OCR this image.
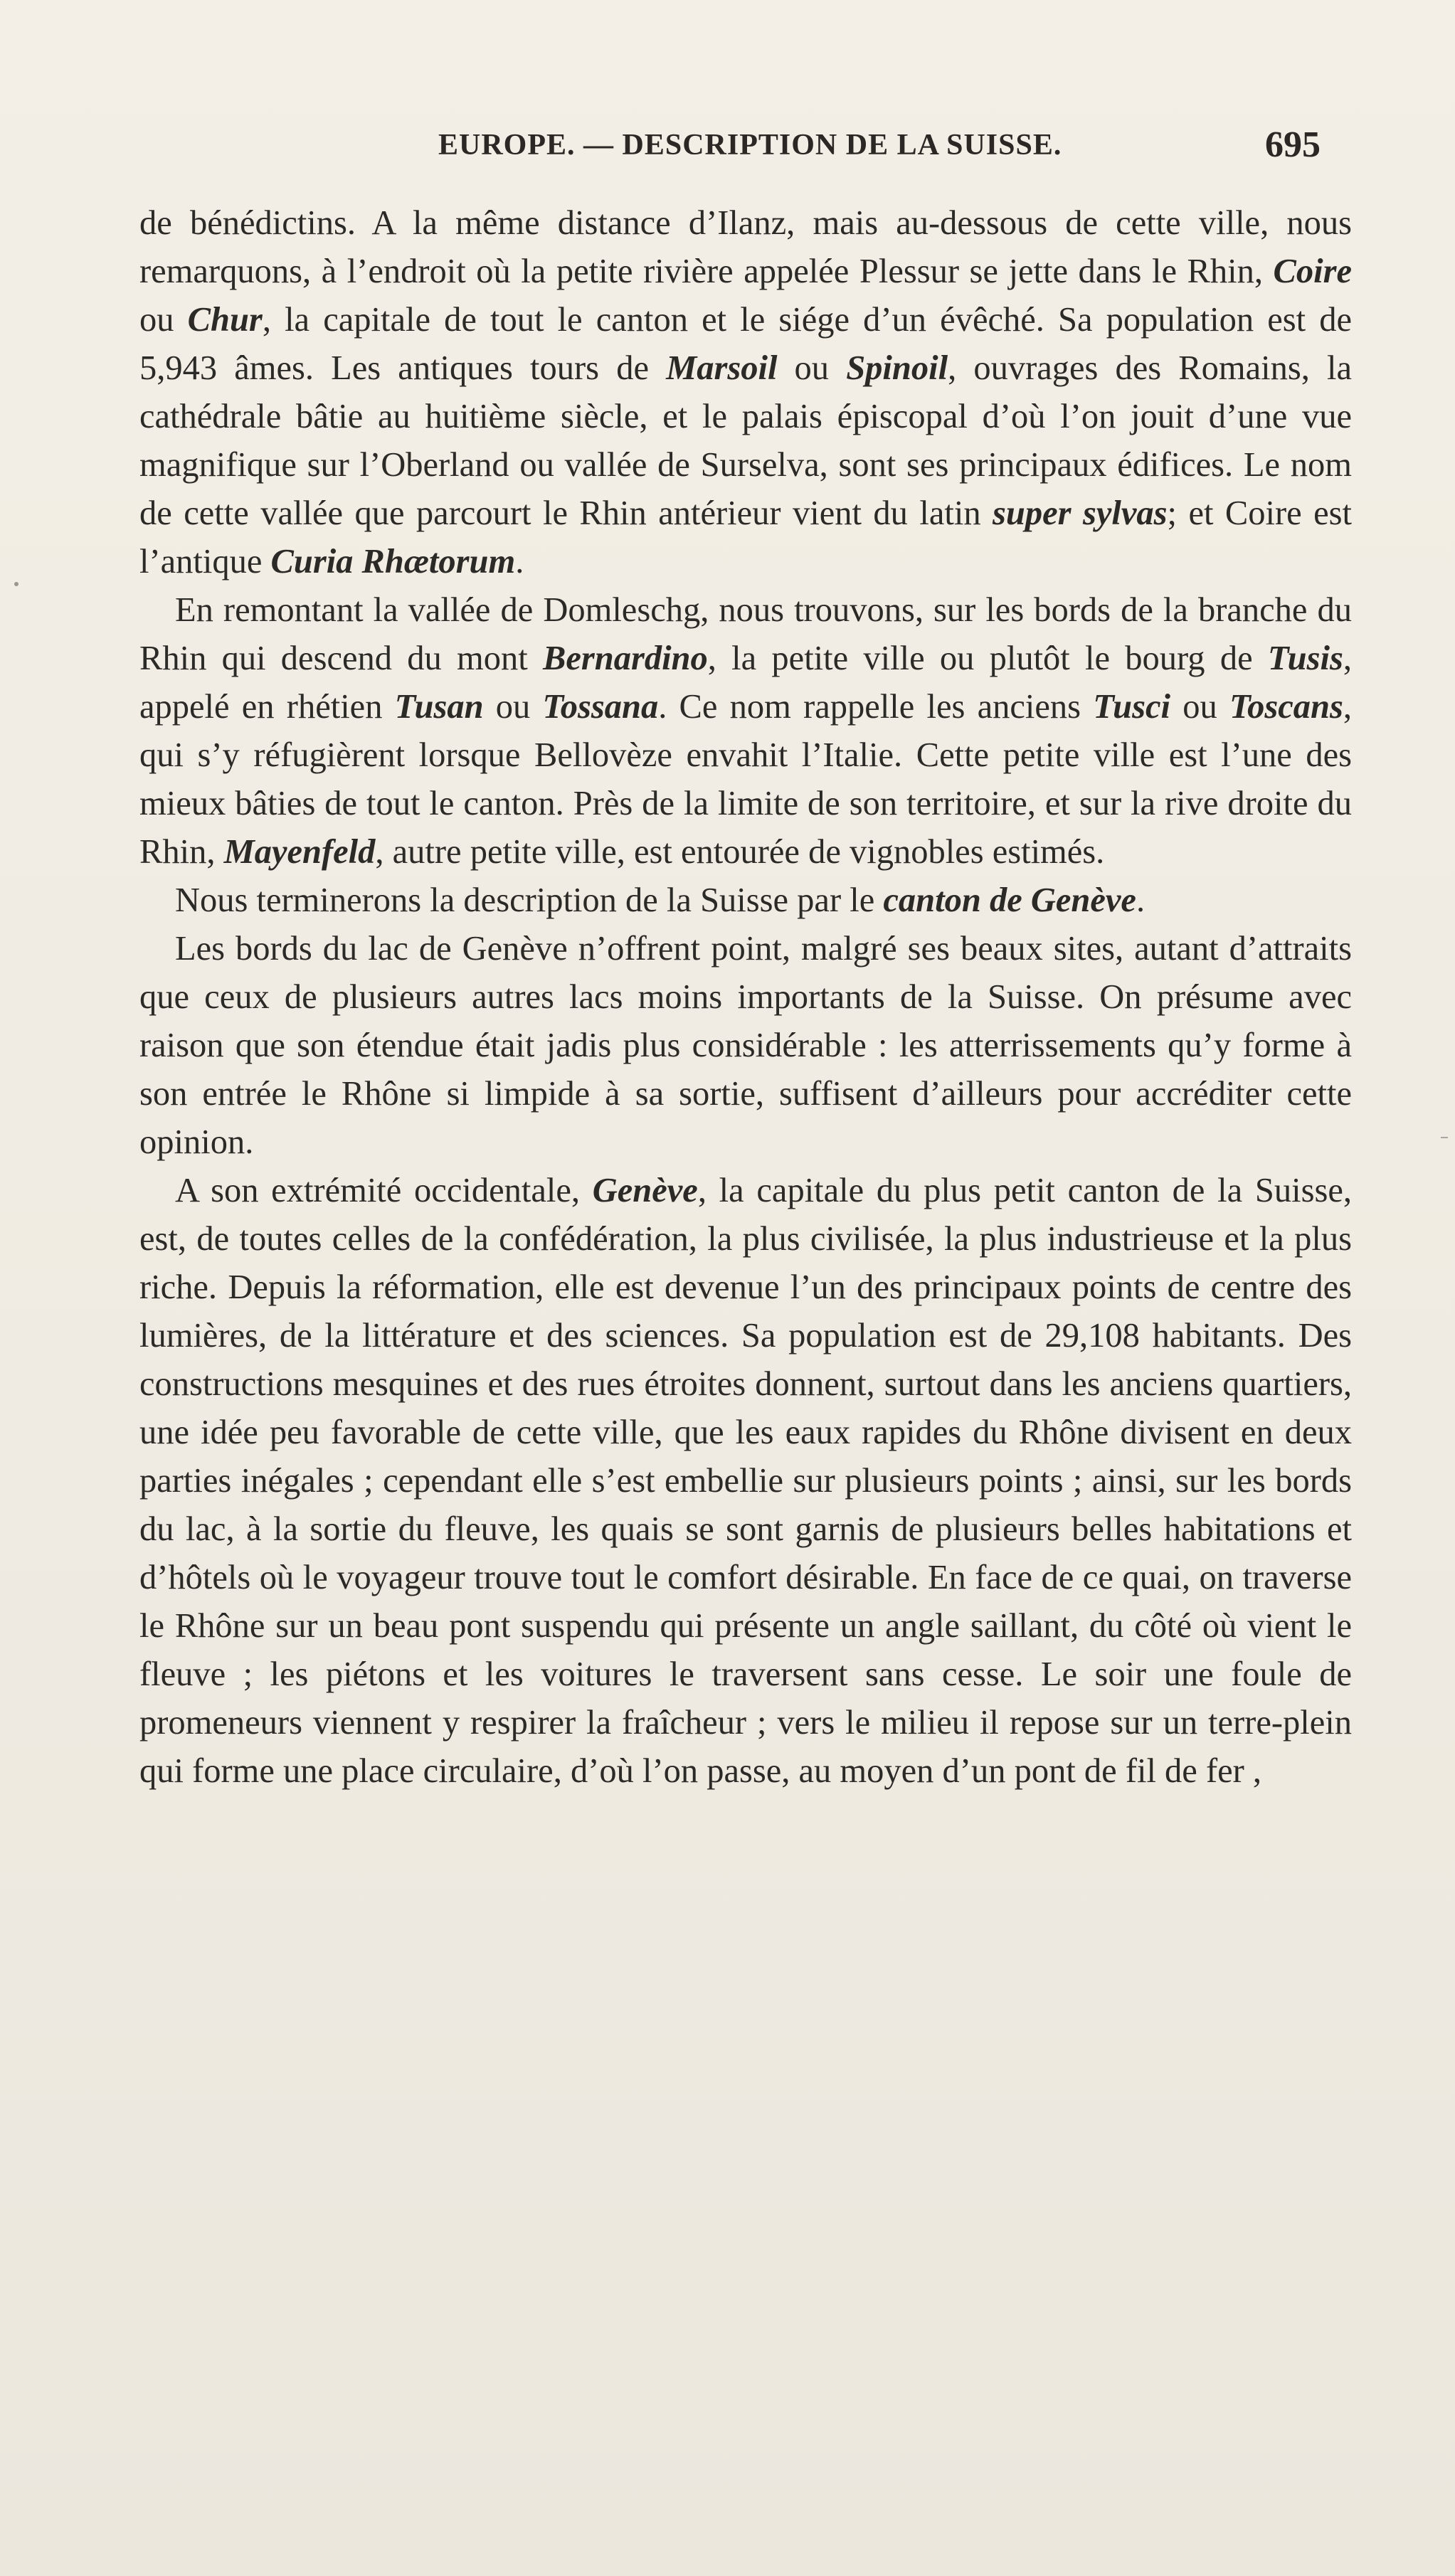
EUROPE. — DESCRIPTION DE LA SUISSE.	695

de bénédictins. A la même distance d’Ilanz, mais au-dessous de cette ville, nous remarquons, à l’endroit où la petite rivière appelée Plessur se jette dans le Rhin, Coire ou Chur, la capitale de tout le canton et le siége d’un évêché. Sa population est de 5,943 âmes. Les antiques tours de Marsoil ou Spinoil, ouvrages des Romains, la cathédrale bâtie au huitième siècle, et le palais épiscopal d’où l’on jouit d’une vue magnifique sur l’Oberland ou vallée de Surselva, sont ses principaux édifices. Le nom de cette vallée que parcourt le Rhin antérieur vient du latin super sylvas; et Coire est l’antique Curia Rhætorum.

En remontant la vallée de Domleschg, nous trouvons, sur les bords de la branche du Rhin qui descend du mont Bernardino, la petite ville ou plutôt le bourg de Tusis, appelé en rhétien Tusan ou Tossana. Ce nom rappelle les anciens Tusci ou Toscans, qui s’y réfugièrent lorsque Bellovèze envahit l’Italie. Cette petite ville est l’une des mieux bâties de tout le canton. Près de la limite de son territoire, et sur la rive droite du Rhin, Mayenfeld, autre petite ville, est entourée de vignobles estimés.

Nous terminerons la description de la Suisse par le canton de Genève.

Les bords du lac de Genève n’offrent point, malgré ses beaux sites, autant d’attraits que ceux de plusieurs autres lacs moins importants de la Suisse. On présume avec raison que son étendue était jadis plus considérable : les atterrissements qu’y forme à son entrée le Rhône si limpide à sa sortie, suffisent d’ailleurs pour accréditer cette opinion.

A son extrémité occidentale, Genève, la capitale du plus petit canton de la Suisse, est, de toutes celles de la confédération, la plus civilisée, la plus industrieuse et la plus riche. Depuis la réformation, elle est devenue l’un des principaux points de centre des lumières, de la littérature et des sciences. Sa population est de 29,108 habitants. Des constructions mesquines et des rues étroites donnent, surtout dans les anciens quartiers, une idée peu favorable de cette ville, que les eaux rapides du Rhône divisent en deux parties inégales ; cependant elle s’est embellie sur plusieurs points ; ainsi, sur les bords du lac, à la sortie du fleuve, les quais se sont garnis de plusieurs belles habitations et d’hôtels où le voyageur trouve tout le comfort désirable. En face de ce quai, on traverse le Rhône sur un beau pont suspendu qui présente un angle saillant, du côté où vient le fleuve ; les piétons et les voitures le traversent sans cesse. Le soir une foule de promeneurs viennent y respirer la fraîcheur ; vers le milieu il repose sur un terre-plein qui forme une place circulaire, d’où l’on passe, au moyen d’un pont de fil de fer ,
